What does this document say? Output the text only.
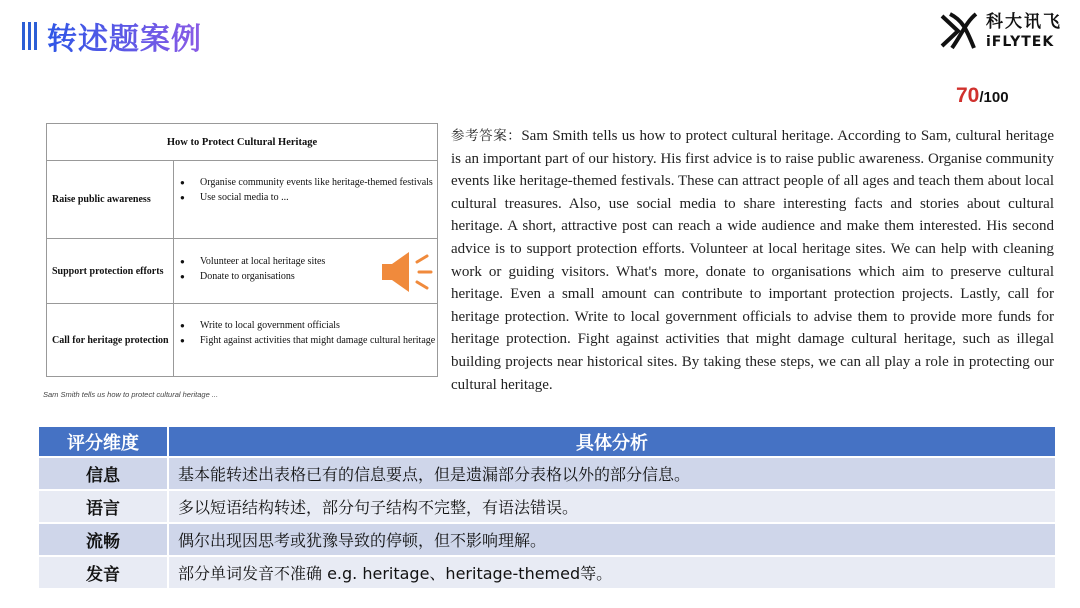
转述题案例
科大讯飞
iFLYTEK
70/100
How to Protect Cultural Heritage
Raise public awareness
● Organise community events like heritage-themed festivals
● Use social media to ...
Support protection efforts
● Volunteer at local heritage sites
● Donate to organisations
Call for heritage protection
● Write to local government officials
● Fight against activities that might damage cultural heritage
Sam Smith tells us how to protect cultural heritage ...
参考答案：Sam Smith tells us how to protect cultural heritage. According to Sam, cultural heritage is an important part of our history. His first advice is to raise public awareness. Organise community events like heritage-themed festivals. These can attract people of all ages and teach them about local cultural treasures. Also, use social media to share interesting facts and stories about cultural heritage. A short, attractive post can reach a wide audience and make them interested. His second advice is to support protection efforts. Volunteer at local heritage sites. We can help with cleaning work or guiding visitors. What's more, donate to organisations which aim to preserve cultural heritage. Even a small amount can contribute to important protection projects. Lastly, call for heritage protection. Write to local government officials to advise them to provide more funds for heritage protection. Fight against activities that might damage cultural heritage, such as illegal building projects near historical sites. By taking these steps, we can all play a role in protecting our cultural heritage.
评分维度	具体分析
信息	基本能转述出表格已有的信息要点，但是遗漏部分表格以外的部分信息。
语言	多以短语结构转述，部分句子结构不完整，有语法错误。
流畅	偶尔出现因思考或犹豫导致的停顿，但不影响理解。
发音	部分单词发音不准确 e.g. heritage、heritage-themed等。
